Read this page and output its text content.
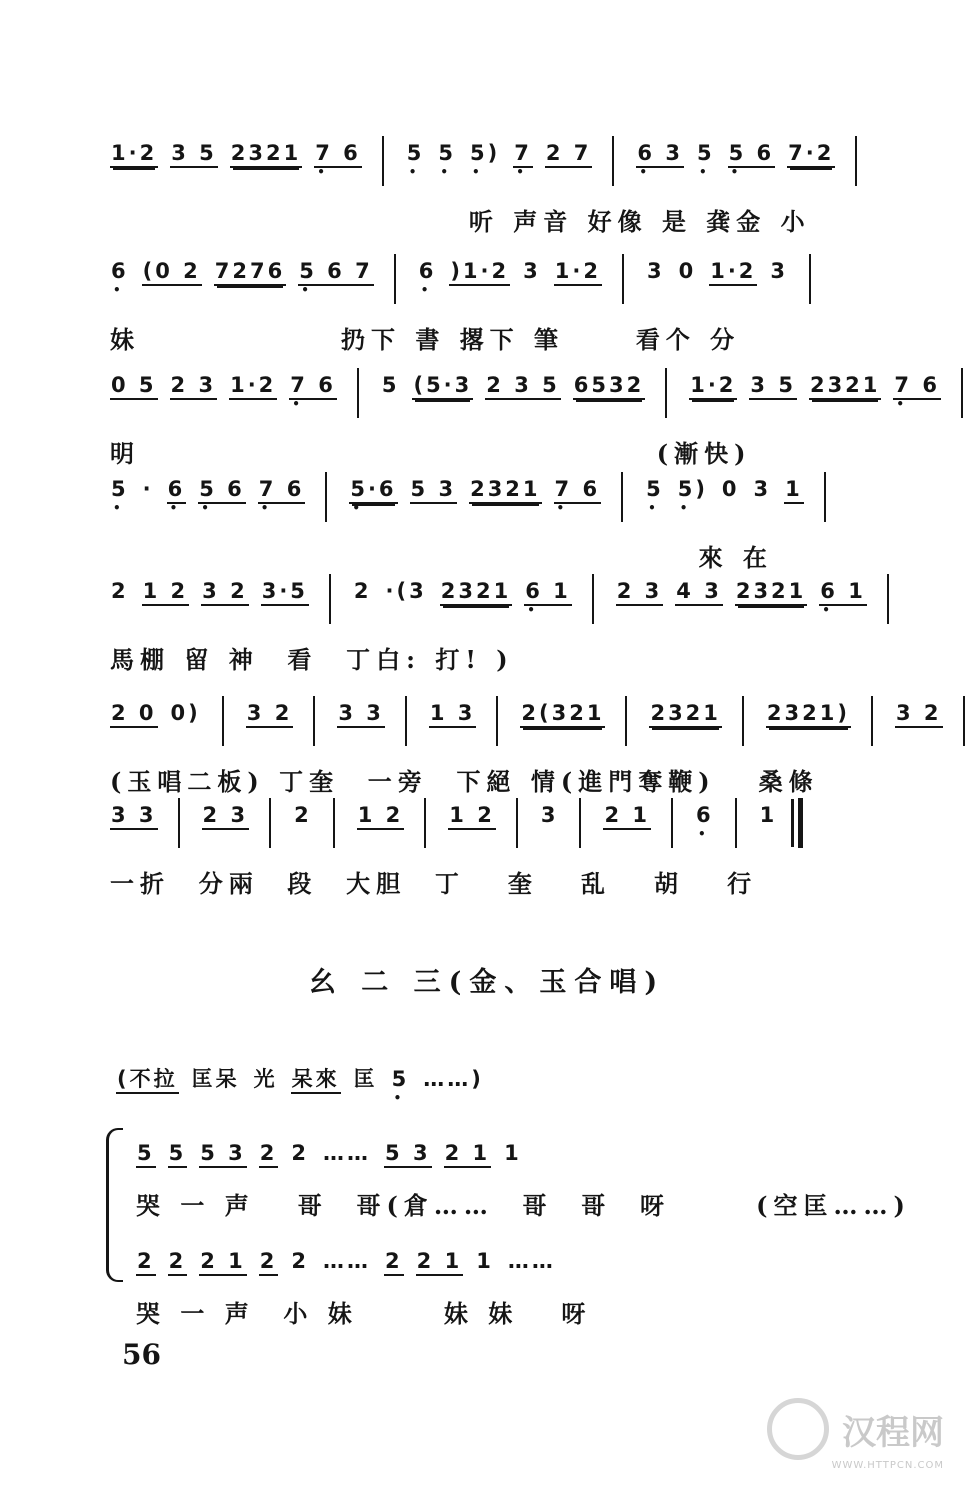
1·2 3 5 2321 7 6 • 5 • 5 • 5) • 7 • 2 7 6 3 • 5 • 5 6 • 7·2
听 声音 好像 是 龚金 小
6 • (0 2 7276 5 6 7 • 6 • )1·2 3 1·2 3 0 1·2 3
妹              扔下 書 撂下 筆     看个 分
0 5 2 3 1·2 7 6 • 5 (5·3 2 3 5 6532 1·2 3 5 2321 7 6 •
明                                    (漸快)
5 • · 6 • 5 6 • 7 6 • 5·6 • 5 3 2321 7 6 • 5 • 5) • 0 3 1
來 在
2 1 2 3 2 3·5 2 ·(3 2321 6 1 • 2 3 4 3 2321 6 1 •
馬棚 留 神  看  丁白: 打! )
2 0 0) 3 2 3 3 1 3 2(321 2321 2321) 3 2
(玉唱二板) 丁奎  一旁  下絕 情(進門奪鞭)   桑條
3 3 2 3 2 1 2 1 2 3 2 1 6 • 1
一折  分兩  段  大胆  丁   奎   乱   胡   行
幺 二 三(金、玉合唱)
(不拉 匡呆 光 呆來 匡 5 • ……)
5 5 5 3 2 2 …… 5 3 2 1 1
哭 一 声   哥  哥(倉……  哥  哥  呀      (空匡……)
2 2 2 1 2 2 …… 2 2 1 1 ……
哭 一 声  小 妹      妹 妹   呀
56
汉程网
WWW.HTTPCN.COM
